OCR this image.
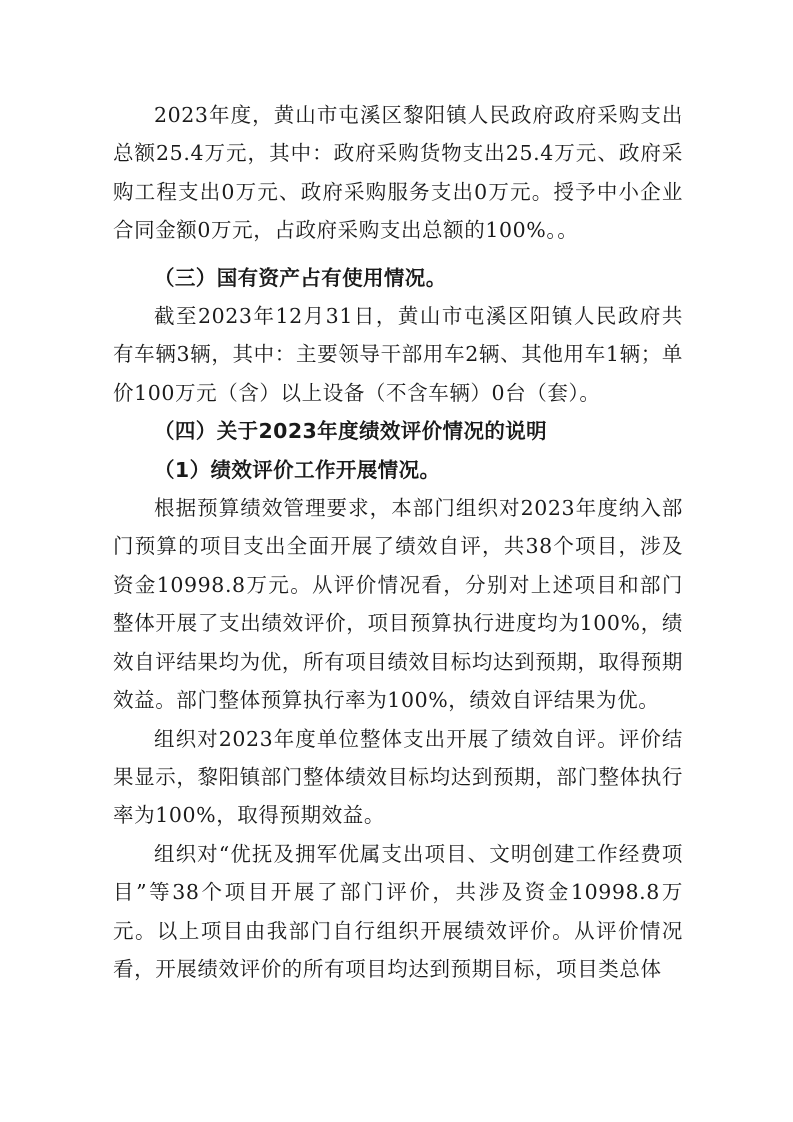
2023年度，黄山市屯溪区黎阳镇人民政府政府采购支出总额25.4万元，其中：政府采购货物支出25.4万元、政府采购工程支出0万元、政府采购服务支出0万元。授予中小企业合同金额0万元，占政府采购支出总额的100%。。

（三）国有资产占有使用情况。

截至2023年12月31日，黄山市屯溪区阳镇人民政府共有车辆3辆，其中：主要领导干部用车2辆、其他用车1辆；单价100万元（含）以上设备（不含车辆）0台（套）。

（四）关于2023年度绩效评价情况的说明

（1）绩效评价工作开展情况。

根据预算绩效管理要求，本部门组织对2023年度纳入部门预算的项目支出全面开展了绩效自评，共38个项目，涉及资金10998.8万元。从评价情况看，分别对上述项目和部门整体开展了支出绩效评价，项目预算执行进度均为100%，绩效自评结果均为优，所有项目绩效目标均达到预期，取得预期效益。部门整体预算执行率为100%，绩效自评结果为优。

组织对2023年度单位整体支出开展了绩效自评。评价结果显示，黎阳镇部门整体绩效目标均达到预期，部门整体执行率为100%，取得预期效益。

组织对“优抚及拥军优属支出项目、文明创建工作经费项目”等38个项目开展了部门评价，共涉及资金10998.8万元。以上项目由我部门自行组织开展绩效评价。从评价情况看，开展绩效评价的所有项目均达到预期目标，项目类总体
